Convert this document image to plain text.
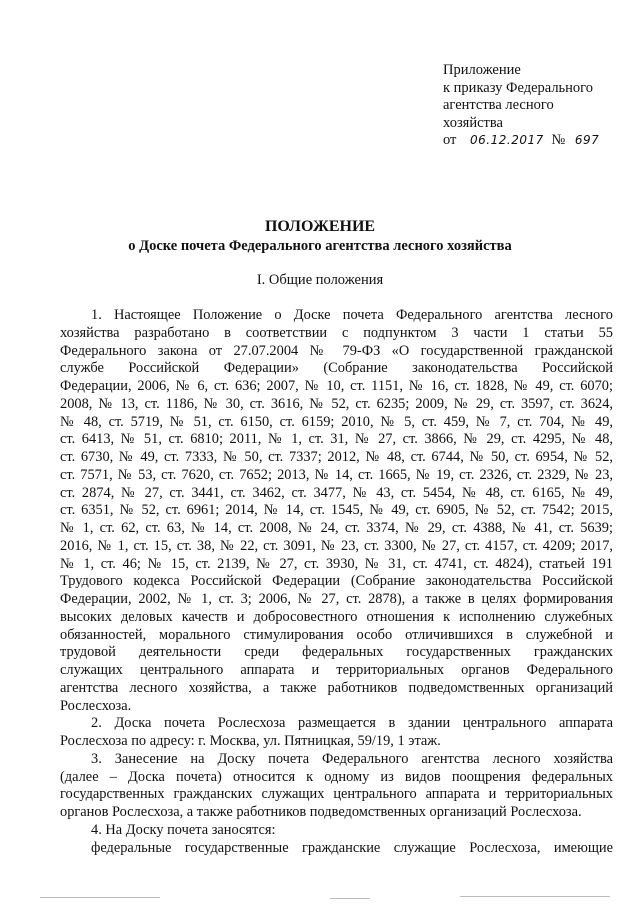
Приложение
к приказу Федерального
агентства лесного
хозяйства
от 06.12.2017 № 697
ПОЛОЖЕНИЕ
о Доске почета Федерального агентства лесного хозяйства
I. Общие положения
1. Настоящее Положение о Доске почета Федерального агентства лесного
хозяйства разработано в соответствии с подпунктом 3 части 1 статьи 55
Федерального закона от 27.07.2004 № 79-ФЗ «О государственной гражданской
службе Российской Федерации» (Собрание законодательства Российской
Федерации, 2006, № 6, ст. 636; 2007, № 10, ст. 1151, № 16, ст. 1828, № 49, ст. 6070;
2008, № 13, ст. 1186, № 30, ст. 3616, № 52, ст. 6235; 2009, № 29, ст. 3597, ст. 3624,
№ 48, ст. 5719, № 51, ст. 6150, ст. 6159; 2010, № 5, ст. 459, № 7, ст. 704, № 49,
ст. 6413, № 51, ст. 6810; 2011, № 1, ст. 31, № 27, ст. 3866, № 29, ст. 4295, № 48,
ст. 6730, № 49, ст. 7333, № 50, ст. 7337; 2012, № 48, ст. 6744, № 50, ст. 6954, № 52,
ст. 7571, № 53, ст. 7620, ст. 7652; 2013, № 14, ст. 1665, № 19, ст. 2326, ст. 2329, № 23,
ст. 2874, № 27, ст. 3441, ст. 3462, ст. 3477, № 43, ст. 5454, № 48, ст. 6165, № 49,
ст. 6351, № 52, ст. 6961; 2014, № 14, ст. 1545, № 49, ст. 6905, № 52, ст. 7542; 2015,
№ 1, ст. 62, ст. 63, № 14, ст. 2008, № 24, ст. 3374, № 29, ст. 4388, № 41, ст. 5639;
2016, № 1, ст. 15, ст. 38, № 22, ст. 3091, № 23, ст. 3300, № 27, ст. 4157, ст. 4209; 2017,
№ 1, ст. 46; № 15, ст. 2139, № 27, ст. 3930, № 31, ст. 4741, ст. 4824), статьей 191
Трудового кодекса Российской Федерации (Собрание законодательства Российской
Федерации, 2002, № 1, ст. 3; 2006, № 27, ст. 2878), а также в целях формирования
высоких деловых качеств и добросовестного отношения к исполнению служебных
обязанностей, морального стимулирования особо отличившихся в служебной и
трудовой деятельности среди федеральных государственных гражданских
служащих центрального аппарата и территориальных органов Федерального
агентства лесного хозяйства, а также работников подведомственных организаций
Рослесхоза.
2. Доска почета Рослесхоза размещается в здании центрального аппарата
Рослесхоза по адресу: г. Москва, ул. Пятницкая, 59/19, 1 этаж.
3. Занесение на Доску почета Федерального агентства лесного хозяйства
(далее – Доска почета) относится к одному из видов поощрения федеральных
государственных гражданских служащих центрального аппарата и территориальных
органов Рослесхоза, а также работников подведомственных организаций Рослесхоза.
4. На Доску почета заносятся:
федеральные государственные гражданские служащие Рослесхоза, имеющие
